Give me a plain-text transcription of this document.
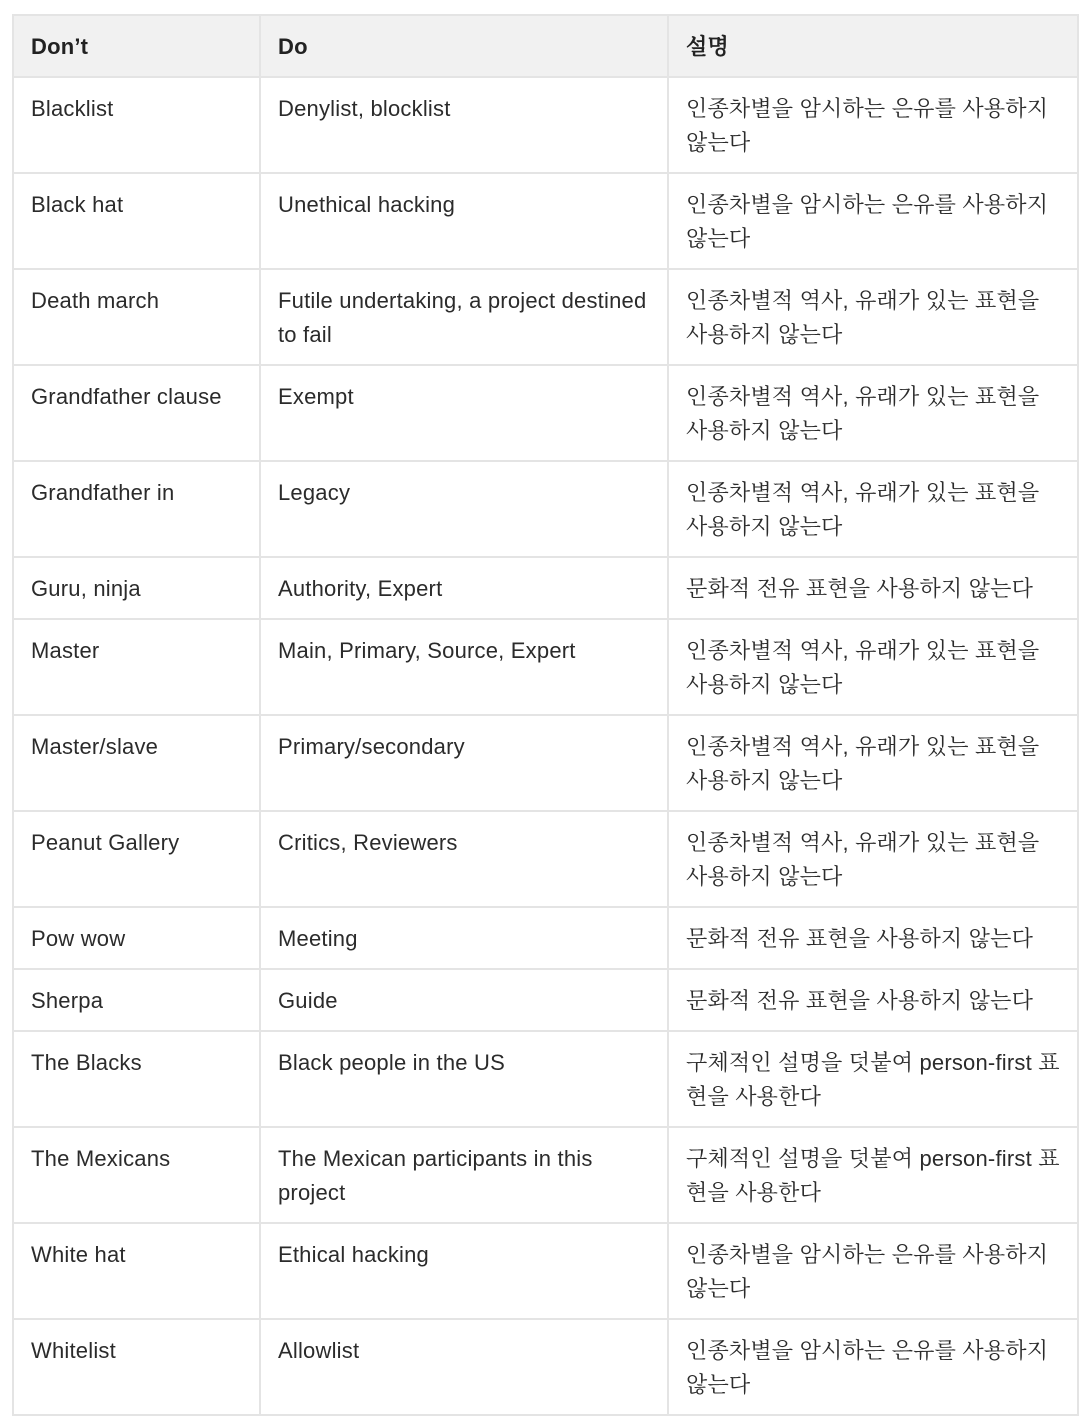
Don’t	Do	설명
Blacklist	Denylist, blocklist	인종차별을 암시하는 은유를 사용하지 않는다
Black hat	Unethical hacking	인종차별을 암시하는 은유를 사용하지 않는다
Death march	Futile undertaking, a project destined to fail	인종차별적 역사, 유래가 있는 표현을 사용하지 않는다
Grandfather clause	Exempt	인종차별적 역사, 유래가 있는 표현을 사용하지 않는다
Grandfather in	Legacy	인종차별적 역사, 유래가 있는 표현을 사용하지 않는다
Guru, ninja	Authority, Expert	문화적 전유 표현을 사용하지 않는다
Master	Main, Primary, Source, Expert	인종차별적 역사, 유래가 있는 표현을 사용하지 않는다
Master/slave	Primary/secondary	인종차별적 역사, 유래가 있는 표현을 사용하지 않는다
Peanut Gallery	Critics, Reviewers	인종차별적 역사, 유래가 있는 표현을 사용하지 않는다
Pow wow	Meeting	문화적 전유 표현을 사용하지 않는다
Sherpa	Guide	문화적 전유 표현을 사용하지 않는다
The Blacks	Black people in the US	구체적인 설명을 덧붙여 person-first 표현을 사용한다
The Mexicans	The Mexican participants in this project	구체적인 설명을 덧붙여 person-first 표현을 사용한다
White hat	Ethical hacking	인종차별을 암시하는 은유를 사용하지 않는다
Whitelist	Allowlist	인종차별을 암시하는 은유를 사용하지 않는다
